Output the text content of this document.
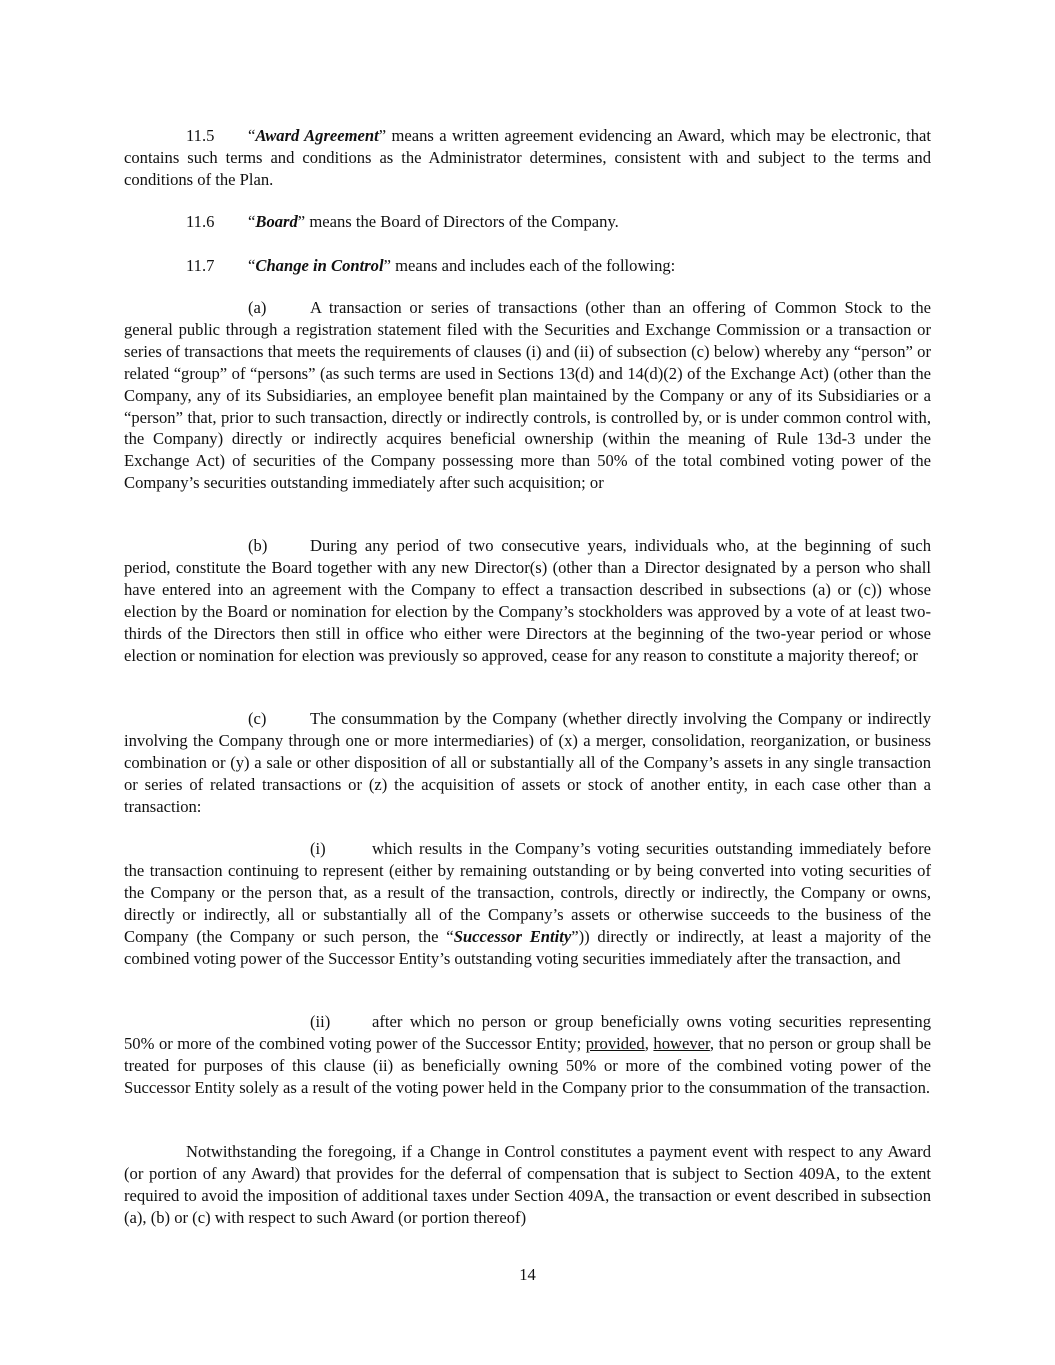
11.5 “Award Agreement” means a written agreement evidencing an Award, which may be electronic, that contains such terms and conditions as the Administrator determines, consistent with and subject to the terms and conditions of the Plan.

11.6 “Board” means the Board of Directors of the Company.

11.7 “Change in Control” means and includes each of the following:

(a)	A transaction or series of transactions (other than an offering of Common Stock to the general public through a registration statement filed with the Securities and Exchange Commission or a transaction or series of transactions that meets the requirements of clauses (i) and (ii) of subsection (c) below) whereby any “person” or related “group” of “persons” (as such terms are used in Sections 13(d) and 14(d)(2) of the Exchange Act) (other than the Company, any of its Subsidiaries, an employee benefit plan maintained by the Company or any of its Subsidiaries or a “person” that, prior to such transaction, directly or indirectly controls, is controlled by, or is under common control with, the Company) directly or indirectly acquires beneficial ownership (within the meaning of Rule 13d-3 under the Exchange Act) of securities of the Company possessing more than 50% of the total combined voting power of the Company’s securities outstanding immediately after such acquisition; or

(b)	During any period of two consecutive years, individuals who, at the beginning of such period, constitute the Board together with any new Director(s) (other than a Director designated by a person who shall have entered into an agreement with the Company to effect a transaction described in subsections (a) or (c)) whose election by the Board or nomination for election by the Company’s stockholders was approved by a vote of at least two-thirds of the Directors then still in office who either were Directors at the beginning of the two-year period or whose election or nomination for election was previously so approved, cease for any reason to constitute a majority thereof; or

(c)	The consummation by the Company (whether directly involving the Company or indirectly involving the Company through one or more intermediaries) of (x) a merger, consolidation, reorganization, or business combination or (y) a sale or other disposition of all or substantially all of the Company’s assets in any single transaction or series of related transactions or (z) the acquisition of assets or stock of another entity, in each case other than a transaction:

(i)	which results in the Company’s voting securities outstanding immediately before the transaction continuing to represent (either by remaining outstanding or by being converted into voting securities of the Company or the person that, as a result of the transaction, controls, directly or indirectly, the Company or owns, directly or indirectly, all or substantially all of the Company’s assets or otherwise succeeds to the business of the Company (the Company or such person, the “Successor Entity”)) directly or indirectly, at least a majority of the combined voting power of the Successor Entity’s outstanding voting securities immediately after the transaction, and

(ii)	after which no person or group beneficially owns voting securities representing 50% or more of the combined voting power of the Successor Entity; provided, however, that no person or group shall be treated for purposes of this clause (ii) as beneficially owning 50% or more of the combined voting power of the Successor Entity solely as a result of the voting power held in the Company prior to the consummation of the transaction.

Notwithstanding the foregoing, if a Change in Control constitutes a payment event with respect to any Award (or portion of any Award) that provides for the deferral of compensation that is subject to Section 409A, to the extent required to avoid the imposition of additional taxes under Section 409A, the transaction or event described in subsection (a), (b) or (c) with respect to such Award (or portion thereof)

14
